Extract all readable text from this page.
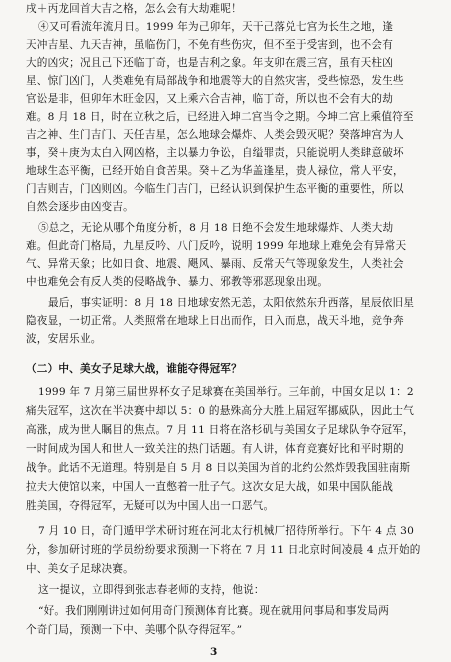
戌＋丙龙回首大吉之格，怎么会有大劫难呢！
④又可看流年流月日。1999 年为己卯年，天干己落兑七宫为长生之地，逢
天冲吉星、九天吉神，虽临伤门，不免有些伤灾，但不至于受害到，也不会有
大的凶灾；况且己下还临丁奇，也是吉利之象。年支卯在震三宫，虽有天柱凶
星、惊门凶门，人类难免有局部战争和地震等大的自然灾害，受些惊恐，发生些
官讼是非，但卯年木旺金囚，又上乘六合吉神，临丁奇，所以也不会有大的劫
难。8 月 18 日，时在立秋之后，已经进入坤二宫当令之期。今坤二宫上乘值符至
吉之神、生门吉门、天任吉星，怎么地球会爆炸、人类会毁灭呢？癸落坤宫为人
事，癸＋庚为太白入网凶格，主以暴力争讼，自缢罪责，只能说明人类肆意破坏
地球生态平衡，已经开始自食苦果。癸＋乙为华盖逢星，贵人禄位，常人平安，
门吉则吉，门凶则凶。今临生门吉门，已经认识到保护生态平衡的重要性，所以
自然会逐步由凶变吉。
⑤总之，无论从哪个角度分析，8 月 18 日绝不会发生地球爆炸、人类大劫
难。但此奇门格局，九星反吟、八门反吟，说明 1999 年地球上难免会有异常天
气、异常天象；比如日食、地震、飓风、暴雨、反常天气等现象发生，人类社会
中也难免会有反人类的侵略战争、暴力、邪教等邪恶现象出现。
最后，事实证明：8 月 18 日地球安然无恙，太阳依然东升西落，星辰依旧星
隐夜显，一切正常。人类照常在地球上日出而作，日入而息，战天斗地，竞争奔
波，安居乐业。
（二）中、美女子足球大战，谁能夺得冠军？
1999 年 7 月第三届世界杯女子足球赛在美国举行。三年前，中国女足以 1：2
痛失冠军，这次在半决赛中却以 5：0 的悬殊高分大胜上届冠军挪威队，因此士气
高涨，成为世人瞩目的焦点。7 月 11 日将在洛杉矶与美国女子足球队争夺冠军，
一时间成为国人和世人一致关注的热门话题。有人讲，体育竞赛好比和平时期的
战争。此话不无道理。特别是自 5 月 8 日以美国为首的北约公然炸毁我国驻南斯
拉夫大使馆以来，中国人一直憋着一肚子气。这次女足大战，如果中国队能战
胜美国，夺得冠军，无疑可以为中国人出一口恶气。
7 月 10 日，奇门遁甲学术研讨班在河北太行机械厂招待所举行。下午 4 点 30
分，参加研讨班的学员纷纷要求预测一下将在 7 月 11 日北京时间凌晨 4 点开始的
中、美女子足球决赛。
这一提议，立即得到张志春老师的支持，他说：
“好。我们刚刚讲过如何用奇门预测体育比赛。现在就用问事局和事发局两
个奇门局，预测一下中、美哪个队夺得冠军。”
3
